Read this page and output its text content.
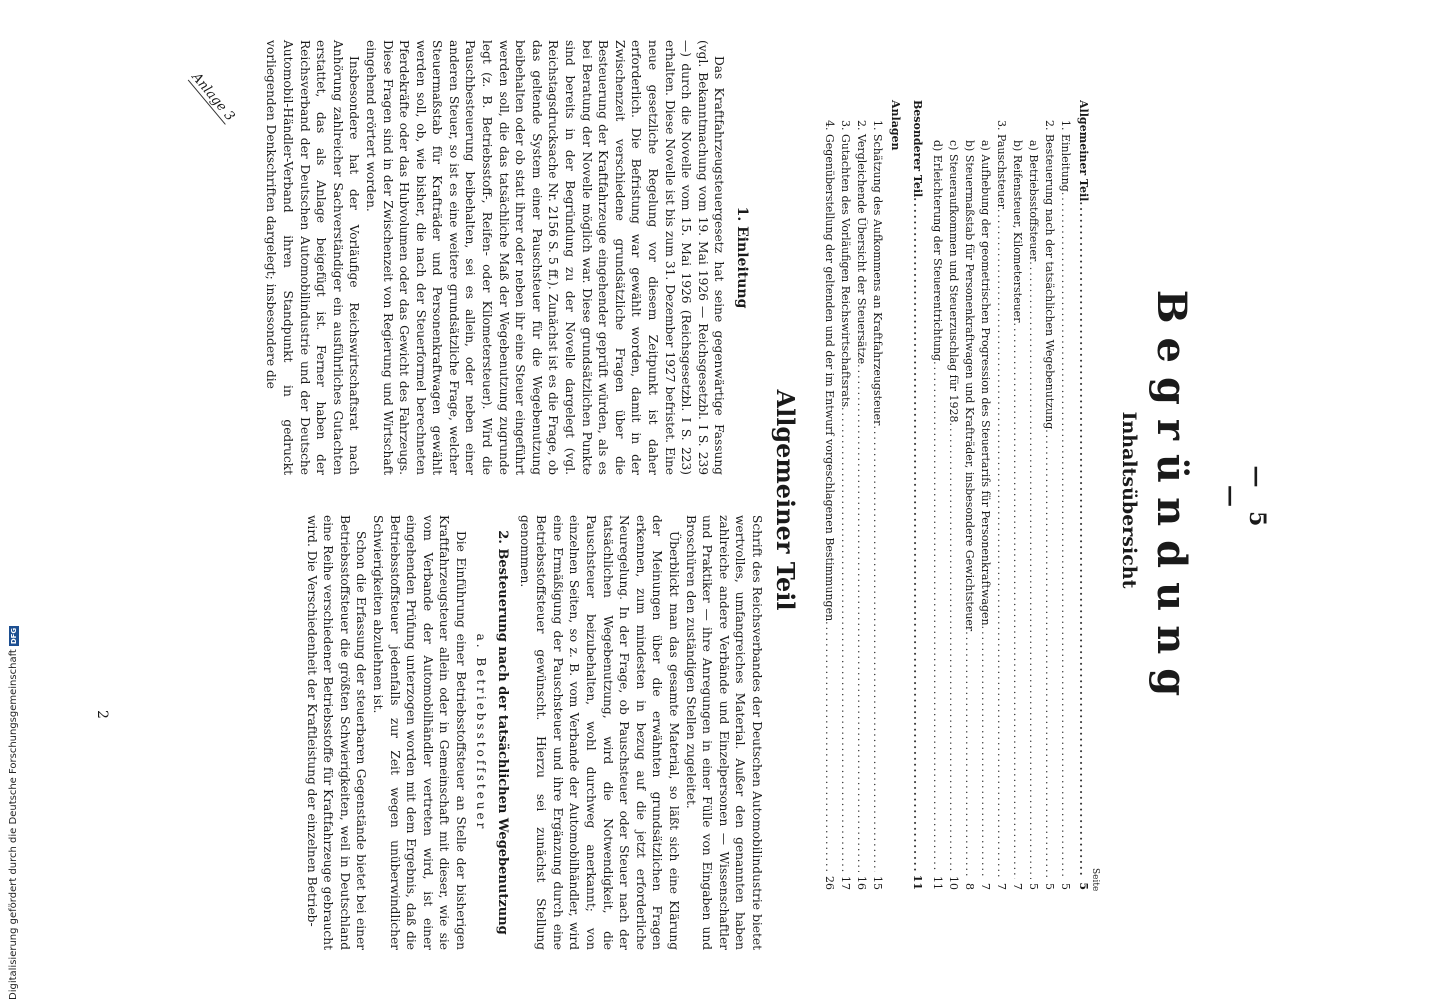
— 5 —
Begründung
Inhaltsübersicht
Seite
Allgemeiner Teil
.....
5
1. Einleitung
.....
5
2. Besteuerung nach der tatsächlichen Wegebenutzung
.....
5
a) Betriebsstoffsteuer
.....
5
b) Reifensteuer, Kilometersteuer
.....
7
3. Pauschsteuer
.....
7
a) Aufhebung der geometrischen Progression des Steuertarifs für Personenkraftwagen
.....
7
b) Steuermaßstab für Personenkraftwagen und Krafträder, insbesondere Gewichtsteuer
.....
8
c) Steueraufkommen und Steuerzuschlag für 1928
.....
10
d) Erleichterung der Steuerentrichtung
.....
11
Besonderer Teil
.....
11
Anlagen
1. Schätzung des Aufkommens an Kraftfahrzeugsteuer
.....
15
2. Vergleichende Übersicht der Steuersätze
.....
16
3. Gutachten des Vorläufigen Reichswirtschaftsrats
.....
17
4. Gegenüberstellung der geltenden und der im Entwurf vorgeschlagenen Bestimmungen
.....
26
Allgemeiner Teil
1. Einleitung

Das Kraftfahrzeugsteuergesetz hat seine gegenwärtige Fassung (vgl. Bekanntmachung vom 19. Mai 1926 — Reichsgesetzbl. I S. 239 —) durch die Novelle vom 15. Mai 1926 (Reichsgesetzbl. I S. 223) erhalten. Diese Novelle ist bis zum 31. Dezember 1927 befristet. Eine neue gesetzliche Regelung vor diesem Zeitpunkt ist daher erforderlich. Die Befristung war gewählt worden, damit in der Zwischenzeit verschiedene grundsätzliche Fragen über die Besteuerung der Kraftfahrzeuge eingehender geprüft würden, als es bei Beratung der Novelle möglich war. Diese grundsätzlichen Punkte sind bereits in der Begründung zu der Novelle dargelegt (vgl. Reichstagsdrucksache Nr. 2156 S. 5 ff.). Zunächst ist es die Frage, ob das geltende System einer Pauschsteuer für die Wegebenutzung beibehalten oder ob statt ihrer oder neben ihr eine Steuer eingeführt werden soll, die das tatsächliche Maß der Wegebenutzung zugrunde legt (z. B. Betriebsstoff-, Reifen- oder Kilometersteuer). Wird die Pauschbesteuerung beibehalten, sei es allein, oder neben einer anderen Steuer, so ist es eine weitere grundsätzliche Frage, welcher Steuermaßstab für Krafträder und Personenkraftwagen gewählt werden soll, ob, wie bisher, die nach der Steuerformel berechneten Pferdekräfte oder das Hubvolumen oder das Gewicht des Fahrzeugs. Diese Fragen sind in der Zwischenzeit von Regierung und Wirtschaft eingehend erörtert worden.

Insbesondere hat der Vorläufige Reichswirtschaftsrat nach Anhörung zahlreicher Sachverständiger ein ausführliches Gutachten erstattet, das als Anlage beigefügt ist. Ferner haben der Reichsverband der Deutschen Automobilindustrie und der Deutsche Automobil-Händler-Verband ihren Standpunkt in gedruckt vorliegenden Denkschriften dargelegt; insbesondere die

Schrift des Reichsverbandes der Deutschen Automobilindustrie bietet wertvolles, umfangreiches Material. Außer den genannten haben zahlreiche andere Verbände und Einzelpersonen — Wissenschaftler und Praktiker — ihre Anregungen in einer Fülle von Eingaben und Broschüren den zuständigen Stellen zugeleitet.

Überblickt man das gesamte Material, so läßt sich eine Klärung der Meinungen über die erwähnten grundsätzlichen Fragen erkennen, zum mindesten in bezug auf die jetzt erforderliche Neuregelung. In der Frage, ob Pauschsteuer oder Steuer nach der tatsächlichen Wegebenutzung, wird die Notwendigkeit, die Pauschsteuer beizubehalten, wohl durchweg anerkannt; von einzelnen Seiten, so z. B. vom Verbande der Automobilhändler, wird eine Ermäßigung der Pauschsteuer und ihre Ergänzung durch eine Betriebsstoffsteuer gewünscht. Hierzu sei zunächst Stellung genommen.

2. Besteuerung nach der tatsächlichen Wegebenutzung
a. Betriebsstoffsteuer

Die Einführung einer Betriebsstoffsteuer an Stelle der bisherigen Kraftfahrzeugsteuer allein oder in Gemeinschaft mit dieser, wie sie vom Verbande der Automobilhändler vertreten wird, ist einer eingehenden Prüfung unterzogen worden mit dem Ergebnis, daß die Betriebsstoffsteuer jedenfalls zur Zeit wegen unüberwindlicher Schwierigkeiten abzulehnen ist.

Schon die Erfassung der steuerbaren Gegenstände bietet bei einer Betriebsstoffsteuer die größten Schwierigkeiten, weil in Deutschland eine Reihe verschiedener Betriebsstoffe für Kraftfahrzeuge gebraucht wird. Die Verschiedenheit der Kraftleistung der einzelnen Betrieb-

2
Anlage 3
Digitalisierung gefördert durch die Deutsche ForschungsgemeinschaftDFG
